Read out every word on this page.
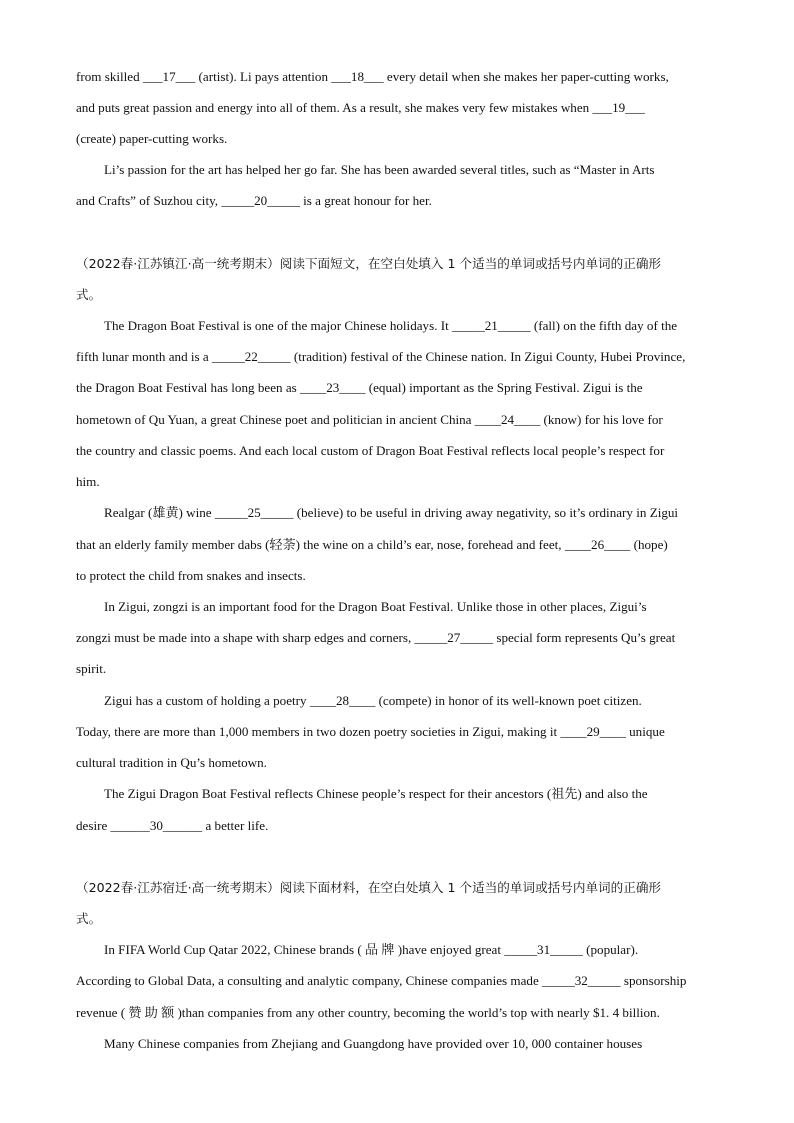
from skilled ___17___ (artist). Li pays attention ___18___ every detail when she makes her paper-cutting works,
and puts great passion and energy into all of them. As a result, she makes very few mistakes when ___19___
(create) paper-cutting works.
Li’s passion for the art has helped her go far. She has been awarded several titles, such as “Master in Arts
and Crafts” of Suzhou city, _____20_____ is a great honour for her.
（2022春·江苏镇江·高一统考期末）阅读下面短文，在空白处填入 1 个适当的单词或括号内单词的正确形
式。
The Dragon Boat Festival is one of the major Chinese holidays. It _____21_____ (fall) on the fifth day of the
fifth lunar month and is a _____22_____ (tradition) festival of the Chinese nation. In Zigui County, Hubei Province,
the Dragon Boat Festival has long been as ____23____ (equal) important as the Spring Festival. Zigui is the
hometown of Qu Yuan, a great Chinese poet and politician in ancient China ____24____ (know) for his love for
the country and classic poems. And each local custom of Dragon Boat Festival reflects local people’s respect for
him.
Realgar (雄黄) wine _____25_____ (believe) to be useful in driving away negativity, so it’s ordinary in Zigui
that an elderly family member dabs (轻荼) the wine on a child’s ear, nose, forehead and feet, ____26____ (hope)
to protect the child from snakes and insects.
In Zigui, zongzi is an important food for the Dragon Boat Festival. Unlike those in other places, Zigui’s
zongzi must be made into a shape with sharp edges and corners, _____27_____ special form represents Qu’s great
spirit.
Zigui has a custom of holding a poetry ____28____ (compete) in honor of its well-known poet citizen.
Today, there are more than 1,000 members in two dozen poetry societies in Zigui, making it ____29____ unique
cultural tradition in Qu’s hometown.
The Zigui Dragon Boat Festival reflects Chinese people’s respect for their ancestors (祖先) and also the
desire ______30______ a better life.
（2022春·江苏宿迁·高一统考期末）阅读下面材料，在空白处填入 1 个适当的单词或括号内单词的正确形
式。
In FIFA World Cup Qatar 2022, Chinese brands ( 品 牌 )have enjoyed great _____31_____ (popular).
According to Global Data, a consulting and analytic company, Chinese companies made _____32_____ sponsorship
revenue ( 赞 助 额 )than companies from any other country, becoming the world’s top with nearly $1. 4 billion.
Many Chinese companies from Zhejiang and Guangdong have provided over 10, 000 container houses
